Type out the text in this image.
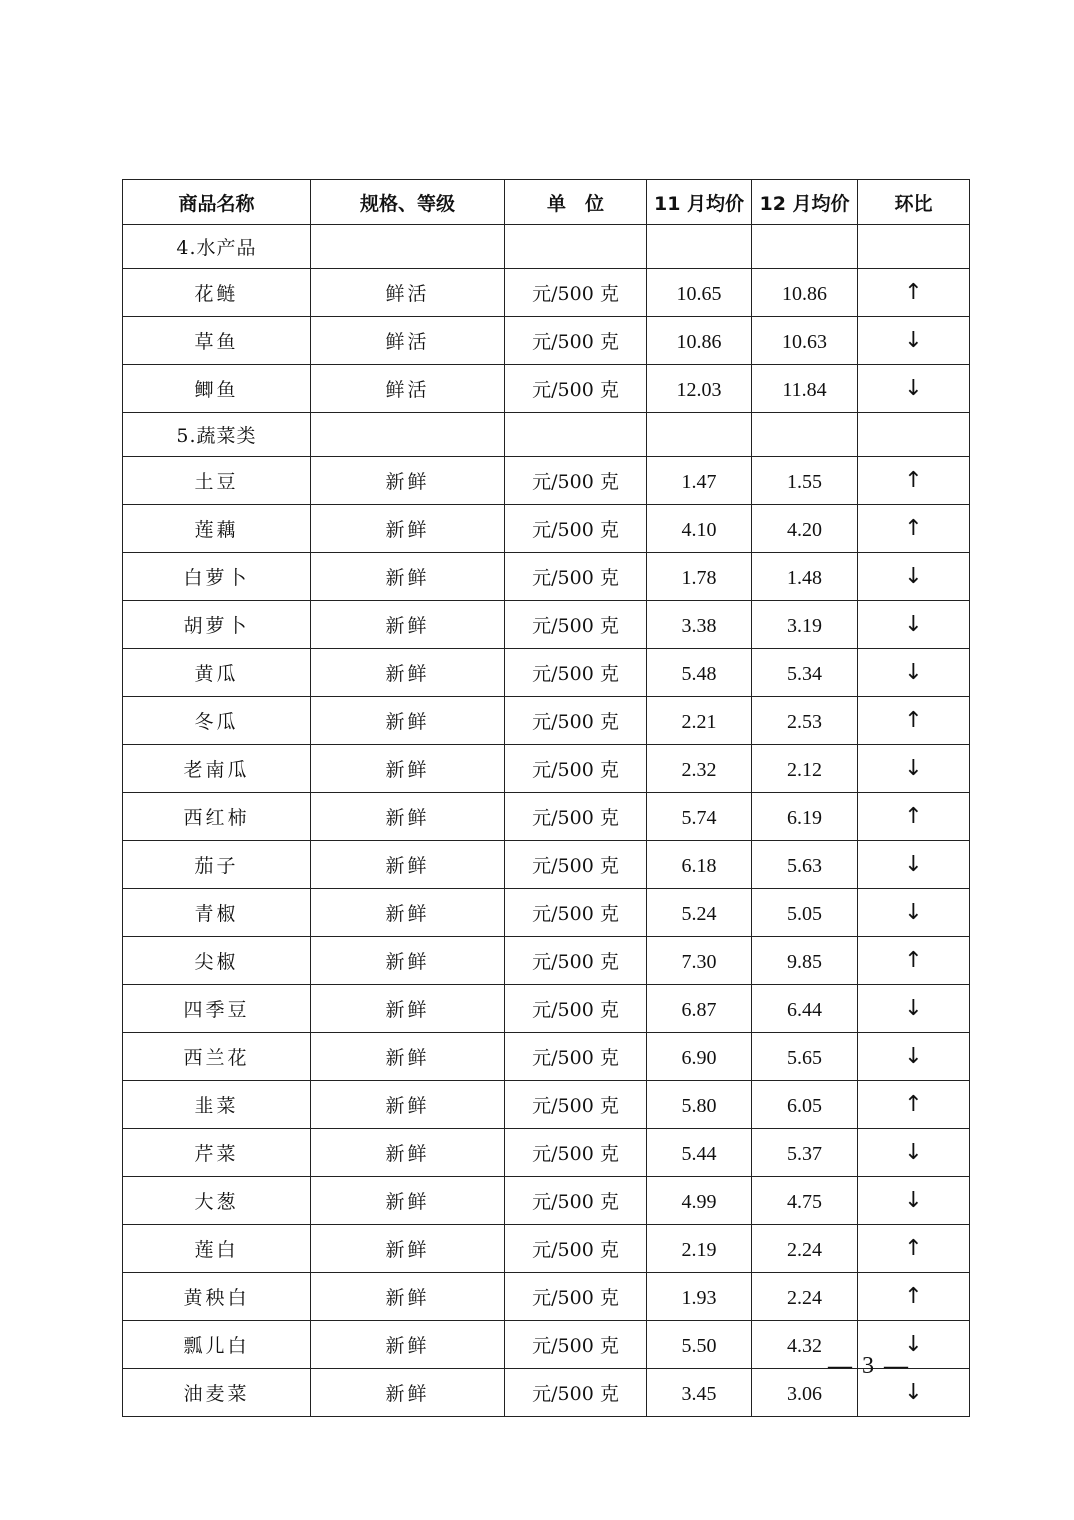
商品名称	规格、等级	单　位	11 月均价	12 月均价	环比
4.水产品					
花鲢	鲜活	元/500 克	10.65	10.86	↑
草鱼	鲜活	元/500 克	10.86	10.63	↓
鲫鱼	鲜活	元/500 克	12.03	11.84	↓
5.蔬菜类					
土豆	新鲜	元/500 克	1.47	1.55	↑
莲藕	新鲜	元/500 克	4.10	4.20	↑
白萝卜	新鲜	元/500 克	1.78	1.48	↓
胡萝卜	新鲜	元/500 克	3.38	3.19	↓
黄瓜	新鲜	元/500 克	5.48	5.34	↓
冬瓜	新鲜	元/500 克	2.21	2.53	↑
老南瓜	新鲜	元/500 克	2.32	2.12	↓
西红柿	新鲜	元/500 克	5.74	6.19	↑
茄子	新鲜	元/500 克	6.18	5.63	↓
青椒	新鲜	元/500 克	5.24	5.05	↓
尖椒	新鲜	元/500 克	7.30	9.85	↑
四季豆	新鲜	元/500 克	6.87	6.44	↓
西兰花	新鲜	元/500 克	6.90	5.65	↓
韭菜	新鲜	元/500 克	5.80	6.05	↑
芹菜	新鲜	元/500 克	5.44	5.37	↓
大葱	新鲜	元/500 克	4.99	4.75	↓
莲白	新鲜	元/500 克	2.19	2.24	↑
黄秧白	新鲜	元/500 克	1.93	2.24	↑
瓢儿白	新鲜	元/500 克	5.50	4.32	↓
油麦菜	新鲜	元/500 克	3.45	3.06	↓
— 3 —
